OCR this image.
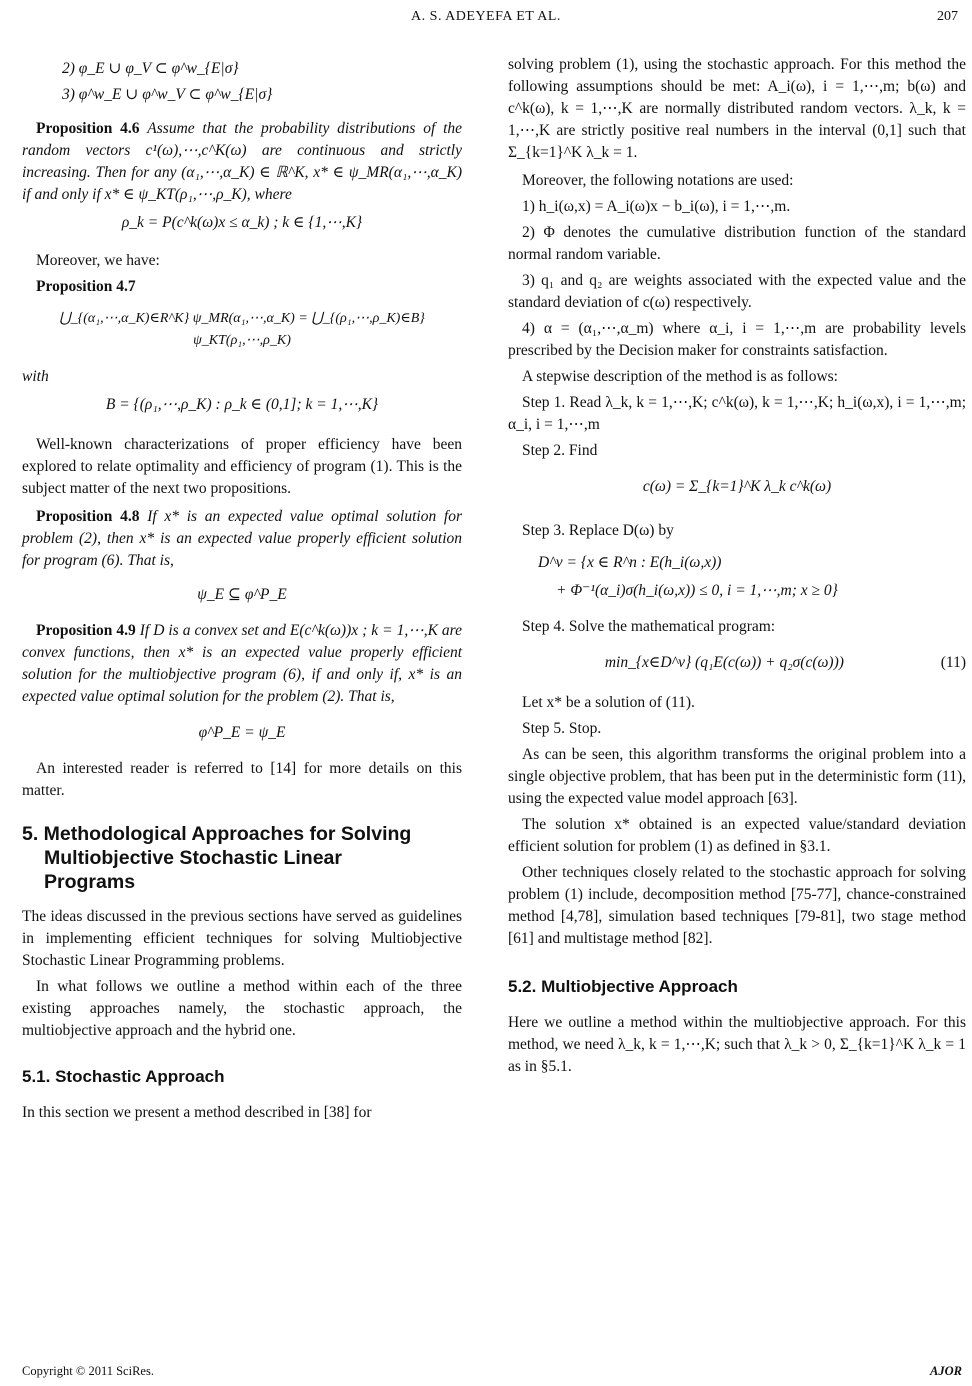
A. S. ADEYEFA ET AL.	207
2) φ_E ∪ φ_V ⊂ φ^w_{E|σ}
3) φ^w_E ∪ φ^w_V ⊂ φ^w_{E|σ}

Proposition 4.6 Assume that the probability distributions of the random vectors c¹(ω),⋯,c^K(ω) are continuous and strictly increasing. Then for any (α₁,⋯,α_K) ∈ ℝ^K, x* ∈ ψ_MR(α₁,⋯,α_K) if and only if x* ∈ ψ_KT(ρ₁,⋯,ρ_K), where

ρ_k = P(c^k(ω)x ≤ α_k) ; k ∈ {1,⋯,K}

Moreover, we have:

Proposition 4.7

⋃_{(α₁,⋯,α_K)∈R^K} ψ_MR(α₁,⋯,α_K) = ⋃_{(ρ₁,⋯,ρ_K)∈B} ψ_KT(ρ₁,⋯,ρ_K)

with

B = {(ρ₁,⋯,ρ_K) : ρ_k ∈ (0,1]; k = 1,⋯,K}

Well-known characterizations of proper efficiency have been explored to relate optimality and efficiency of program (1). This is the subject matter of the next two propositions.

Proposition 4.8 If x* is an expected value optimal solution for problem (2), then x* is an expected value properly efficient solution for program (6). That is,

ψ_E ⊆ φ^P_E

Proposition 4.9 If D is a convex set and E(c^k(ω))x ; k = 1,⋯,K are convex functions, then x* is an expected value properly efficient solution for the multiobjective program (6), if and only if, x* is an expected value optimal solution for the problem (2). That is,

φ^P_E = ψ_E

An interested reader is referred to [14] for more details on this matter.

5. Methodological Approaches for Solving
Multiobjective Stochastic Linear
Programs

The ideas discussed in the previous sections have served as guidelines in implementing efficient techniques for solving Multiobjective Stochastic Linear Programming problems.

In what follows we outline a method within each of the three existing approaches namely, the stochastic approach, the multiobjective approach and the hybrid one.

5.1. Stochastic Approach

In this section we present a method described in [38] for

solving problem (1), using the stochastic approach. For this method the following assumptions should be met: A_i(ω), i = 1,⋯,m; b(ω) and c^k(ω), k = 1,⋯,K are normally distributed random vectors. λ_k, k = 1,⋯,K are strictly positive real numbers in the interval (0,1] such that Σ_{k=1}^K λ_k = 1.

Moreover, the following notations are used:

1) h_i(ω,x) = A_i(ω)x − b_i(ω), i = 1,⋯,m.

2) Φ denotes the cumulative distribution function of the standard normal random variable.

3) q₁ and q₂ are weights associated with the expected value and the standard deviation of c(ω) respectively.

4) α = (α₁,⋯,α_m) where α_i, i = 1,⋯,m are probability levels prescribed by the Decision maker for constraints satisfaction.

A stepwise description of the method is as follows:

Step 1. Read λ_k, k = 1,⋯,K; c^k(ω), k = 1,⋯,K; h_i(ω,x), i = 1,⋯,m; α_i, i = 1,⋯,m

Step 2. Find

c(ω) = Σ_{k=1}^K λ_k c^k(ω)

Step 3. Replace D(ω) by

D^v = {x ∈ R^n : E(h_i(ω,x))
+ Φ⁻¹(α_i)σ(h_i(ω,x)) ≤ 0, i = 1,⋯,m; x ≥ 0}

Step 4. Solve the mathematical program:

min_{x∈D^v} (q₁E(c(ω)) + q₂σ(c(ω)))	(11)

Let x* be a solution of (11).

Step 5. Stop.

As can be seen, this algorithm transforms the original problem into a single objective problem, that has been put in the deterministic form (11), using the expected value model approach [63].

The solution x* obtained is an expected value/standard deviation efficient solution for problem (1) as defined in §3.1.

Other techniques closely related to the stochastic approach for solving problem (1) include, decomposition method [75-77], chance-constrained method [4,78], simulation based techniques [79-81], two stage method [61] and multistage method [82].

5.2. Multiobjective Approach

Here we outline a method within the multiobjective approach. For this method, we need λ_k, k = 1,⋯,K; such that λ_k > 0, Σ_{k=1}^K λ_k = 1 as in §5.1.

Copyright © 2011 SciRes.	AJOR
